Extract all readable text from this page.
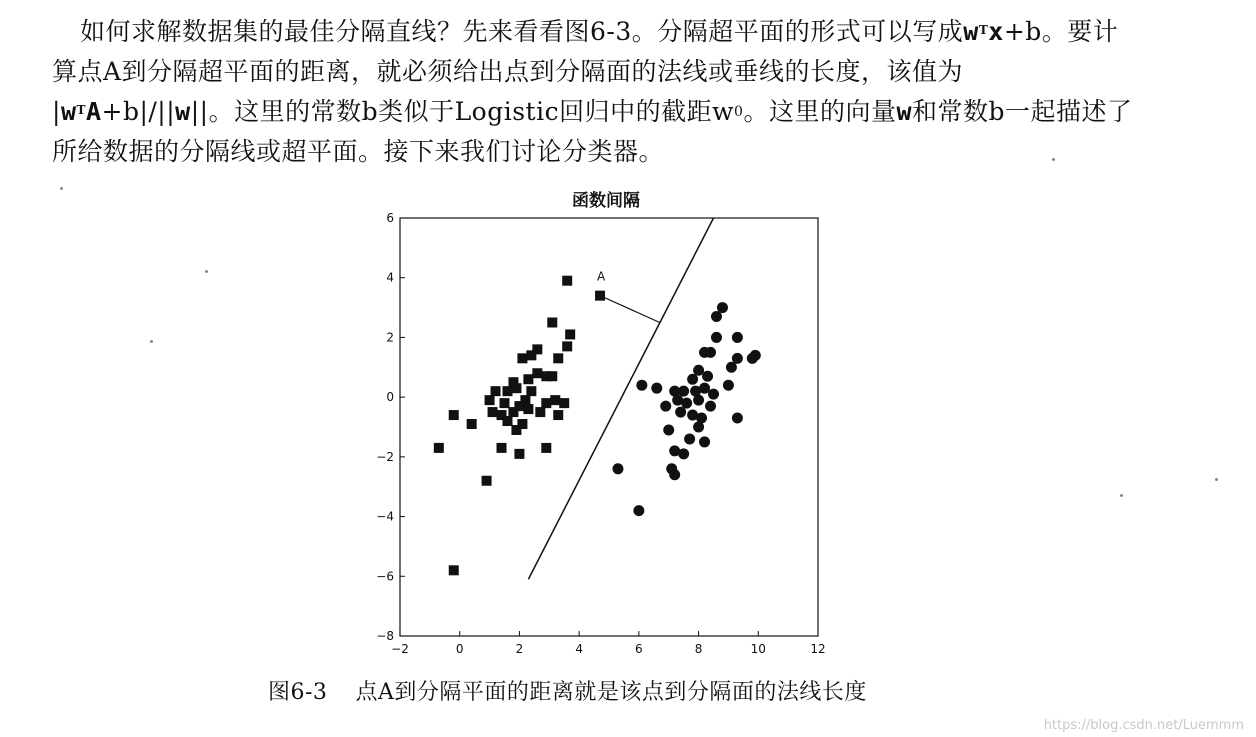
如何求解数据集的最佳分隔直线？先来看看图6-3。分隔超平面的形式可以写成$w^Tx+b$。要计
算点A到分隔超平面的距离，就必须给出点到分隔面的法线或垂线的长度，该值为
$|w^TA+b|/||w||$。这里的常数b类似于Logistic回归中的截距w0。这里的向量w和常数b一起描述了
所给数据的分隔线或超平面。接下来我们讨论分类器。
函数间隔
−2	0	2	4	6	8	10	12
−8
−6
−4
−2
0
2
4
6
A
图6-3 点A到分隔平面的距离就是该点到分隔面的法线长度
https://blog.csdn.net/Luemmm
